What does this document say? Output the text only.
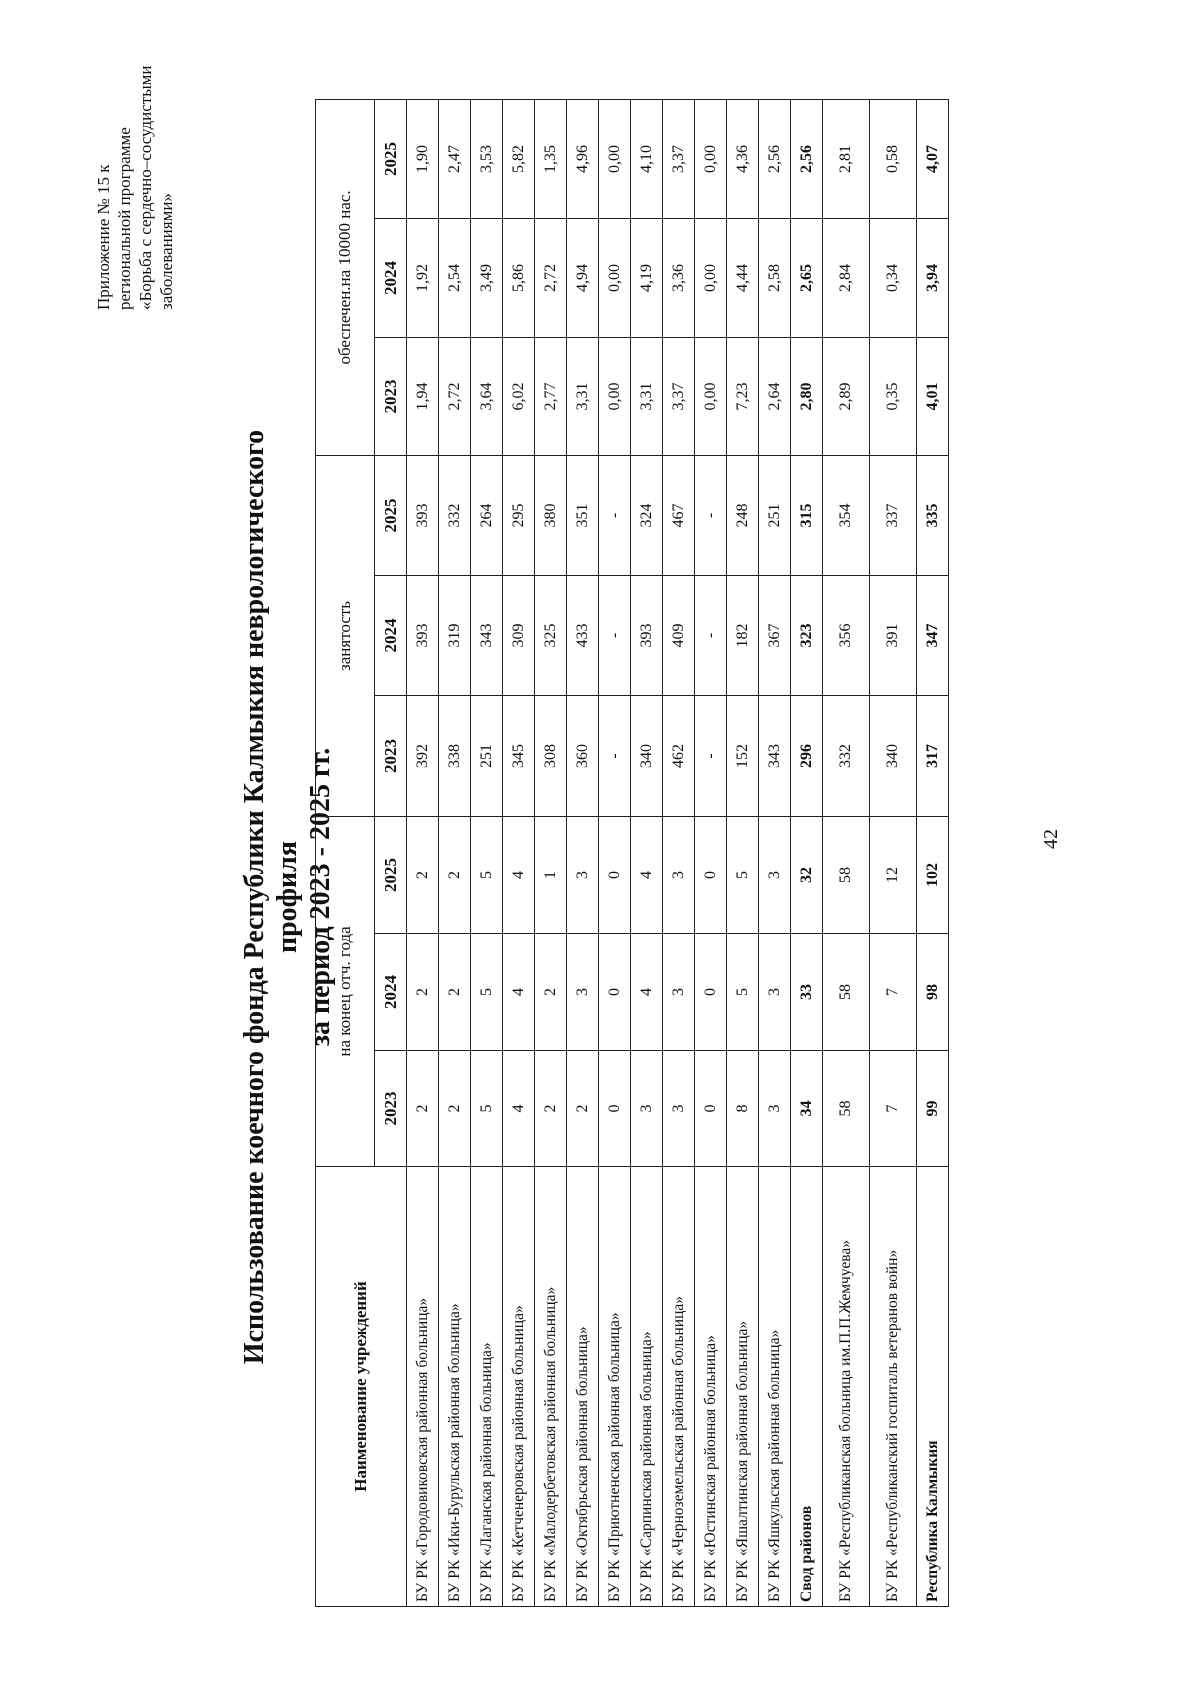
Приложение № 15 к региональной программе «Борьба с сердечно–сосудистыми заболеваниями»
Использование коечного фонда Республики Калмыкия неврологического профиля за период 2023 - 2025 гг.
Наименование учреждений	на конец отч. года			занятость			обеспечен.на 10000 нас.		
	2023	2024	2025	2023	2024	2025	2023	2024	2025
БУ РК «Городовиковская районная больница»	2	2	2	392	393	393	1,94	1,92	1,90
БУ РК «Ики-Бурульская районная больница»	2	2	2	338	319	332	2,72	2,54	2,47
БУ РК «Лаганская районная больница»	5	5	5	251	343	264	3,64	3,49	3,53
БУ РК «Кетченеровская районная больница»	4	4	4	345	309	295	6,02	5,86	5,82
БУ РК «Малодербетовская районная больница»	2	2	1	308	325	380	2,77	2,72	1,35
БУ РК «Октябрьская районная больница»	2	3	3	360	433	351	3,31	4,94	4,96
БУ РК «Приютненская районная больница»	0	0	0	-	-	-	0,00	0,00	0,00
БУ РК «Сарпинская районная больница»	3	4	4	340	393	324	3,31	4,19	4,10
БУ РК «Черноземельская районная больница»	3	3	3	462	409	467	3,37	3,36	3,37
БУ РК «Юстинская районная больница»	0	0	0	-	-	-	0,00	0,00	0,00
БУ РК «Яшалтинская районная больница»	8	5	5	152	182	248	7,23	4,44	4,36
БУ РК «Яшкульская районная больница»	3	3	3	343	367	251	2,64	2,58	2,56
Свод районов	34	33	32	296	323	315	2,80	2,65	2,56
БУ РК «Республиканская больница им.П.П.Жемчуева»	58	58	58	332	356	354	2,89	2,84	2,81
БУ РК «Республиканский госпиталь ветеранов войн»	7	7	12	340	391	337	0,35	0,34	0,58
Республика Калмыкия	99	98	102	317	347	335	4,01	3,94	4,07
42
